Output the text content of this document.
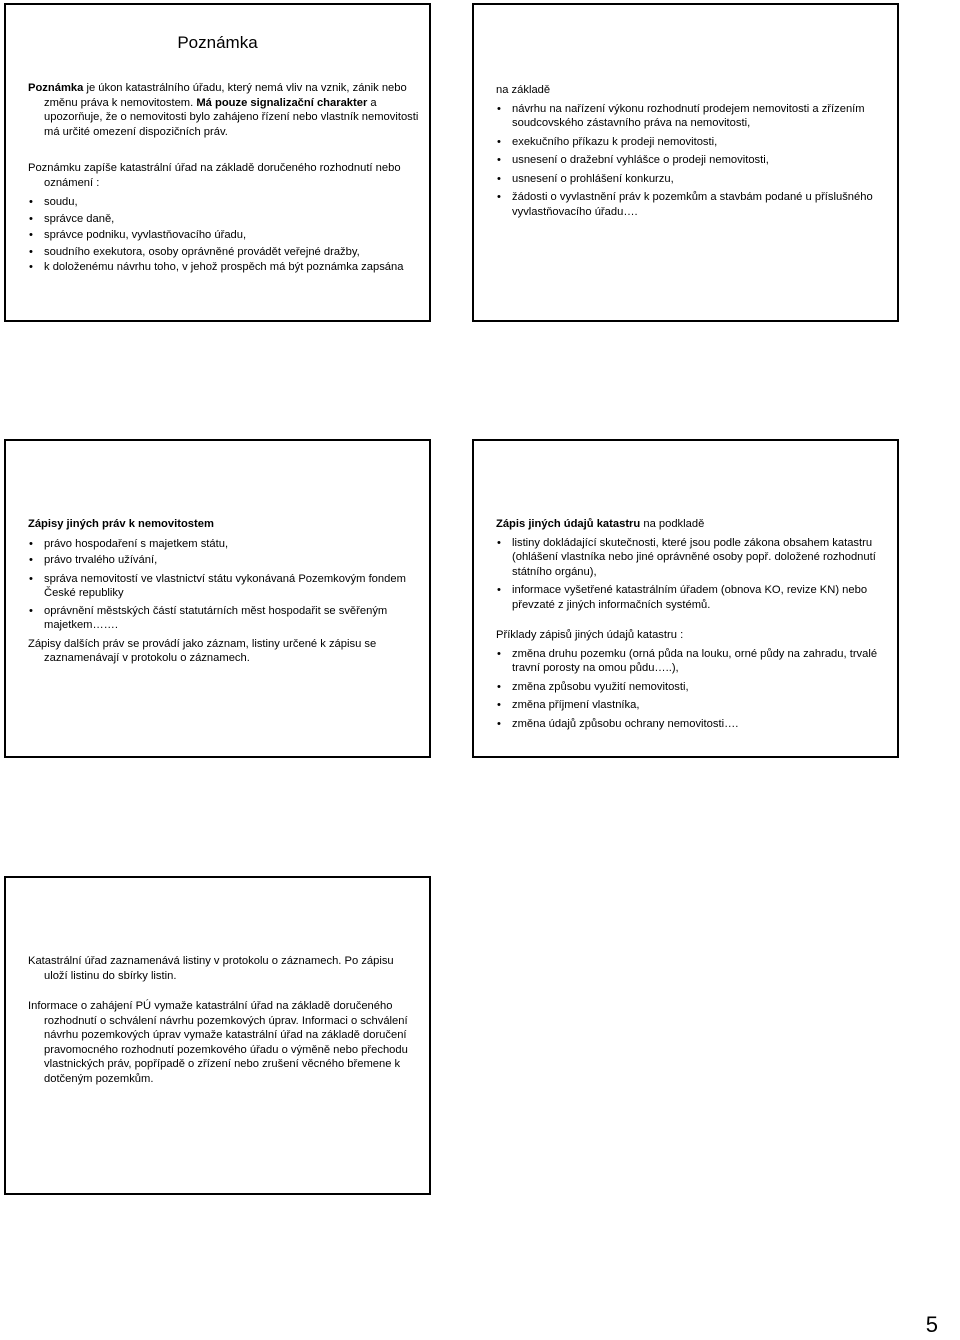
Poznámka

Poznámka je úkon katastrálního úřadu, který nemá vliv na vznik, zánik nebo změnu práva k nemovitostem. Má pouze signalizační charakter a upozorňuje, že o nemovitosti bylo zahájeno řízení nebo vlastník nemovitosti má určité omezení dispozičních práv.

Poznámku zapíše katastrální úřad na základě doručeného rozhodnutí nebo oznámení :

• soudu,
• správce daně,
• správce podniku, vyvlastňovacího úřadu,
• soudního exekutora, osoby oprávněné provádět veřejné dražby,
• k doloženému návrhu toho, v jehož prospěch má být poznámka zapsána

na základě

• návrhu na nařízení výkonu rozhodnutí prodejem nemovitosti a zřízením soudcovského zástavního práva na nemovitosti,
• exekučního příkazu k prodeji nemovitosti,
• usnesení o dražební vyhlášce o prodeji nemovitosti,
• usnesení o prohlášení konkurzu,
• žádosti o vyvlastnění práv k pozemkům a stavbám podané u příslušného vyvlastňovacího úřadu….

Zápisy jiných práv k nemovitostem

• právo hospodaření s majetkem státu,
• právo trvalého užívání,
• správa nemovitostí ve vlastnictví státu vykonávaná Pozemkovým fondem České republiky
• oprávnění městských částí statutárních měst hospodařit se svěřeným majetkem…….

Zápisy dalších práv se provádí jako záznam, listiny určené k zápisu se zaznamenávají v protokolu o záznamech.

Zápis jiných údajů katastru na podkladě

• listiny dokládající skutečnosti, které jsou podle zákona obsahem katastru (ohlášení vlastníka nebo jiné oprávněné osoby popř. doložené rozhodnutí státního orgánu),
• informace vyšetřené katastrálním úřadem (obnova KO, revize KN) nebo převzaté z jiných informačních systémů.

Příklady zápisů jiných údajů katastru :

• změna druhu pozemku (orná půda na louku, orné půdy na zahradu, trvalé travní porosty na omou půdu…..),
• změna způsobu využití nemovitosti,
• změna příjmení vlastníka,
• změna údajů způsobu ochrany nemovitosti….

Katastrální úřad zaznamenává listiny v protokolu o záznamech. Po zápisu uloží listinu do sbírky listin.

Informace o zahájení PÚ vymaže katastrální úřad na základě doručeného rozhodnutí o schválení návrhu pozemkových úprav. Informaci o schválení návrhu pozemkových úprav vymaže katastrální úřad na základě doručení pravomocného rozhodnutí pozemkového úřadu o výměně nebo přechodu vlastnických práv, popřípadě o zřízení nebo zrušení věcného břemene k dotčeným pozemkům.

5
